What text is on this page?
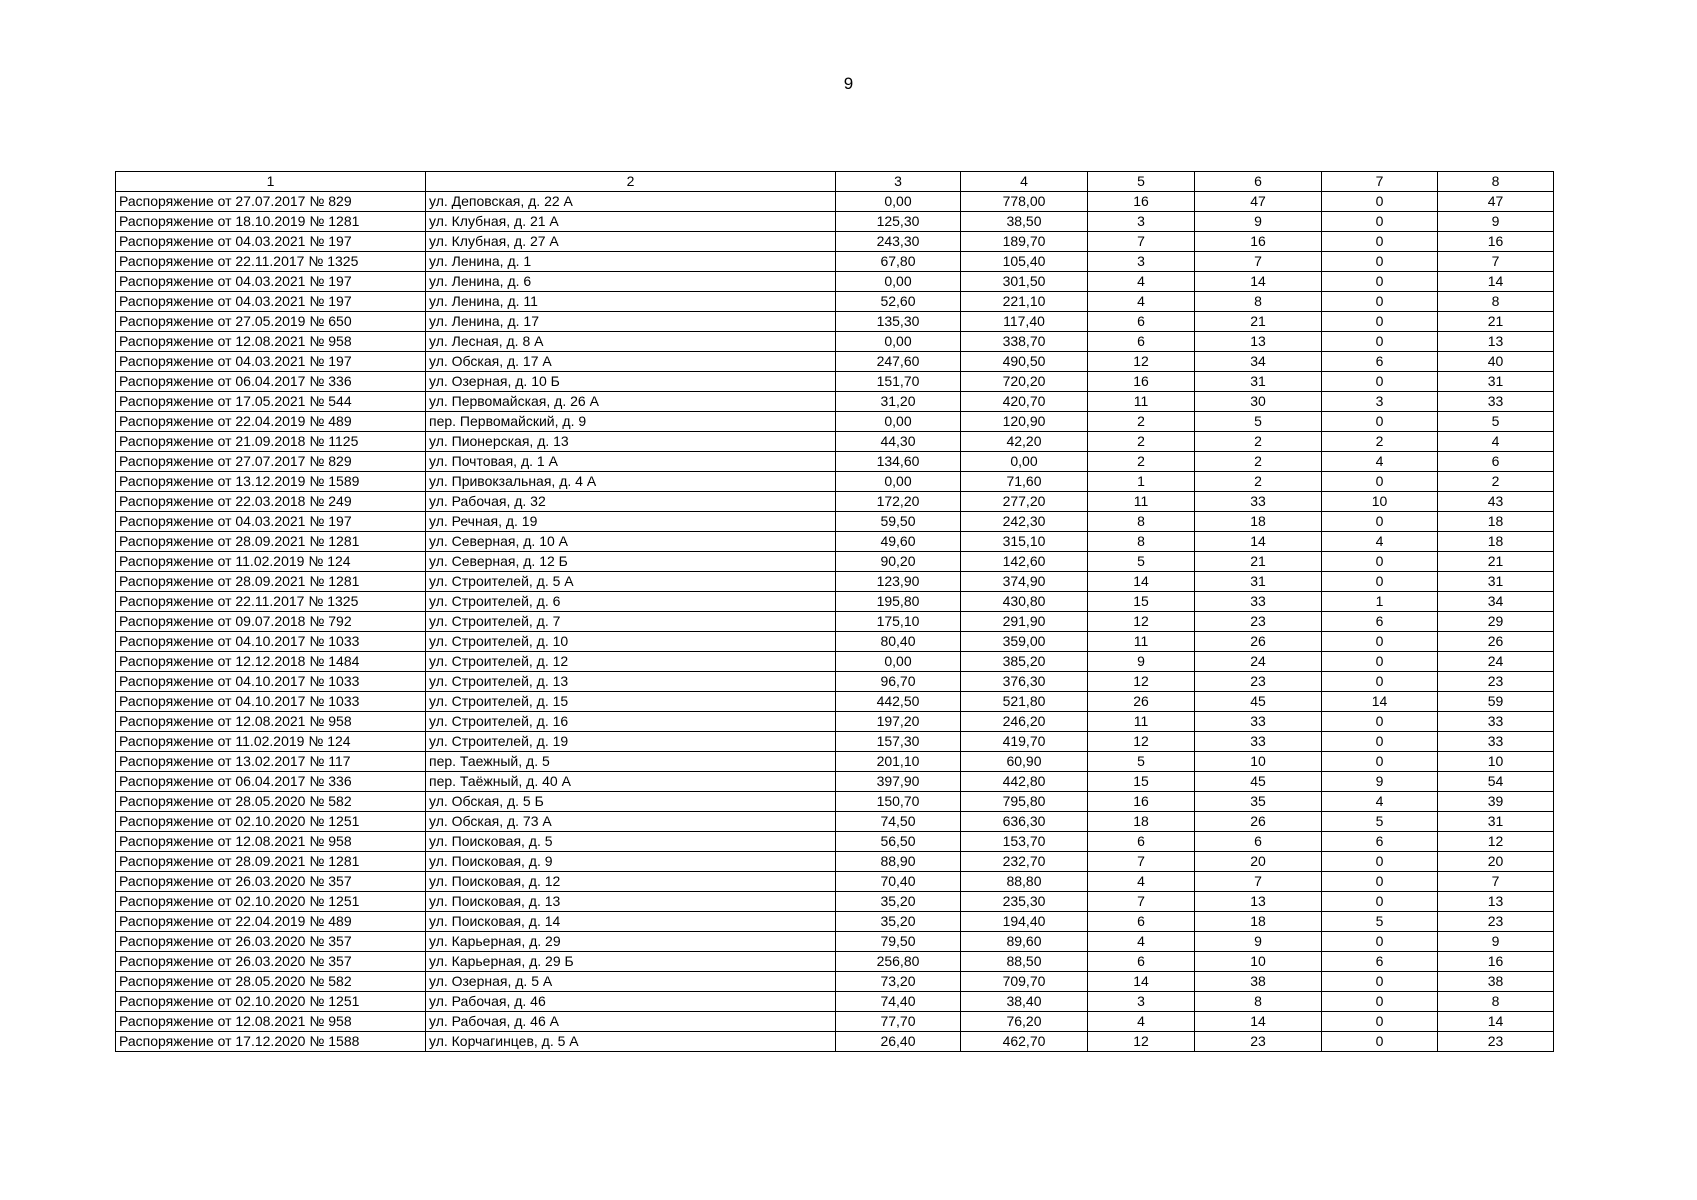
9
1	2	3	4	5	6	7	8
Распоряжение от 27.07.2017 № 829	ул. Деповская, д. 22 А	0,00	778,00	16	47	0	47
Распоряжение от 18.10.2019 № 1281	ул. Клубная, д. 21 А	125,30	38,50	3	9	0	9
Распоряжение от 04.03.2021 № 197	ул. Клубная, д. 27 А	243,30	189,70	7	16	0	16
Распоряжение от 22.11.2017 № 1325	ул. Ленина, д. 1	67,80	105,40	3	7	0	7
Распоряжение от 04.03.2021 № 197	ул. Ленина, д. 6	0,00	301,50	4	14	0	14
Распоряжение от 04.03.2021 № 197	ул. Ленина, д. 11	52,60	221,10	4	8	0	8
Распоряжение от 27.05.2019 № 650	ул. Ленина, д. 17	135,30	117,40	6	21	0	21
Распоряжение от 12.08.2021 № 958	ул. Лесная, д. 8 А	0,00	338,70	6	13	0	13
Распоряжение от 04.03.2021 № 197	ул. Обская, д. 17 А	247,60	490,50	12	34	6	40
Распоряжение от 06.04.2017 № 336	ул. Озерная, д. 10 Б	151,70	720,20	16	31	0	31
Распоряжение от 17.05.2021 № 544	ул. Первомайская, д. 26 А	31,20	420,70	11	30	3	33
Распоряжение от 22.04.2019 № 489	пер. Первомайский, д. 9	0,00	120,90	2	5	0	5
Распоряжение от 21.09.2018 № 1125	ул. Пионерская, д. 13	44,30	42,20	2	2	2	4
Распоряжение от 27.07.2017 № 829	ул. Почтовая, д. 1 А	134,60	0,00	2	2	4	6
Распоряжение от 13.12.2019 № 1589	ул. Привокзальная, д. 4 А	0,00	71,60	1	2	0	2
Распоряжение от 22.03.2018 № 249	ул. Рабочая, д. 32	172,20	277,20	11	33	10	43
Распоряжение от 04.03.2021 № 197	ул. Речная, д. 19	59,50	242,30	8	18	0	18
Распоряжение от 28.09.2021 № 1281	ул. Северная, д. 10 А	49,60	315,10	8	14	4	18
Распоряжение от 11.02.2019 № 124	ул. Северная, д. 12 Б	90,20	142,60	5	21	0	21
Распоряжение от 28.09.2021 № 1281	ул. Строителей, д. 5 А	123,90	374,90	14	31	0	31
Распоряжение от 22.11.2017 № 1325	ул. Строителей, д. 6	195,80	430,80	15	33	1	34
Распоряжение от 09.07.2018 № 792	ул. Строителей, д. 7	175,10	291,90	12	23	6	29
Распоряжение от 04.10.2017 № 1033	ул. Строителей, д. 10	80,40	359,00	11	26	0	26
Распоряжение от 12.12.2018 № 1484	ул. Строителей, д. 12	0,00	385,20	9	24	0	24
Распоряжение от 04.10.2017 № 1033	ул. Строителей, д. 13	96,70	376,30	12	23	0	23
Распоряжение от 04.10.2017 № 1033	ул. Строителей, д. 15	442,50	521,80	26	45	14	59
Распоряжение от 12.08.2021 № 958	ул. Строителей, д. 16	197,20	246,20	11	33	0	33
Распоряжение от 11.02.2019 № 124	ул. Строителей, д. 19	157,30	419,70	12	33	0	33
Распоряжение от 13.02.2017 № 117	пер. Таежный, д. 5	201,10	60,90	5	10	0	10
Распоряжение от 06.04.2017 № 336	пер. Таёжный, д. 40 А	397,90	442,80	15	45	9	54
Распоряжение от 28.05.2020 № 582	ул. Обская, д. 5 Б	150,70	795,80	16	35	4	39
Распоряжение от 02.10.2020 № 1251	ул. Обская, д. 73 А	74,50	636,30	18	26	5	31
Распоряжение от 12.08.2021 № 958	ул. Поисковая, д. 5	56,50	153,70	6	6	6	12
Распоряжение от 28.09.2021 № 1281	ул. Поисковая, д. 9	88,90	232,70	7	20	0	20
Распоряжение от 26.03.2020 № 357	ул. Поисковая, д. 12	70,40	88,80	4	7	0	7
Распоряжение от 02.10.2020 № 1251	ул. Поисковая, д. 13	35,20	235,30	7	13	0	13
Распоряжение от 22.04.2019 № 489	ул. Поисковая, д. 14	35,20	194,40	6	18	5	23
Распоряжение от 26.03.2020 № 357	ул. Карьерная, д. 29	79,50	89,60	4	9	0	9
Распоряжение от 26.03.2020 № 357	ул. Карьерная, д. 29 Б	256,80	88,50	6	10	6	16
Распоряжение от 28.05.2020 № 582	ул. Озерная, д. 5 А	73,20	709,70	14	38	0	38
Распоряжение от 02.10.2020 № 1251	ул. Рабочая, д. 46	74,40	38,40	3	8	0	8
Распоряжение от 12.08.2021 № 958	ул. Рабочая, д. 46 А	77,70	76,20	4	14	0	14
Распоряжение от 17.12.2020 № 1588	ул. Корчагинцев, д. 5 А	26,40	462,70	12	23	0	23
